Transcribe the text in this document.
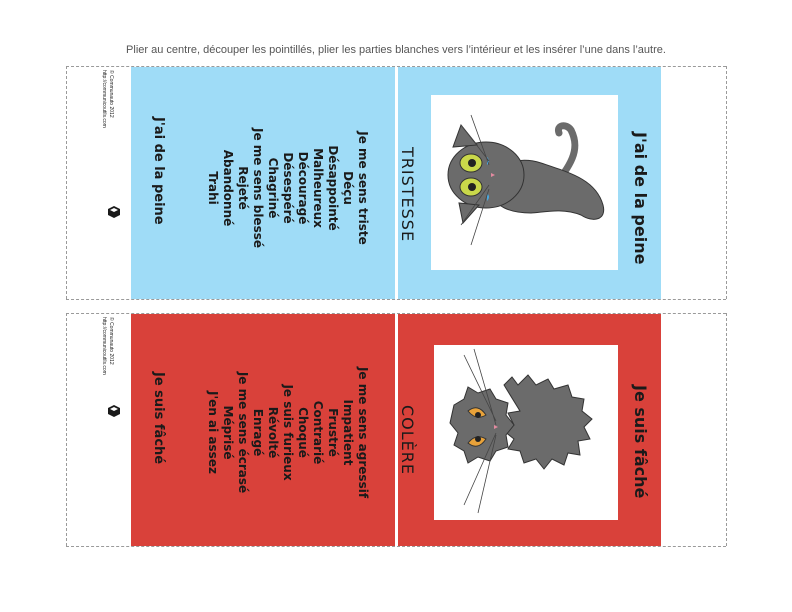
Plier au centre, découper les pointillés, plier les parties blanches vers l’intérieur et les insérer l’une dans l’autre.
© Communauto 2012
http://communicoutils.com
Je me sens triste
Déçu
Désappointé
Malheureux
Découragé
Désespéré
Chagriné
Je me sens blessé
Rejeté
Abandonné
Trahi
J'ai de la peine	TRISTESSE	J'ai de la peine
© Communauto 2012
http://communicoutils.com
Je me sens agressif
Impatient
Frustré
Contrarié
Choqué
Je suis furieux
Révolté
Enragé
Je me sens écrasé
Méprisé
J'en ai assez
Je suis fâché	COLÈRE	Je suis fâché
